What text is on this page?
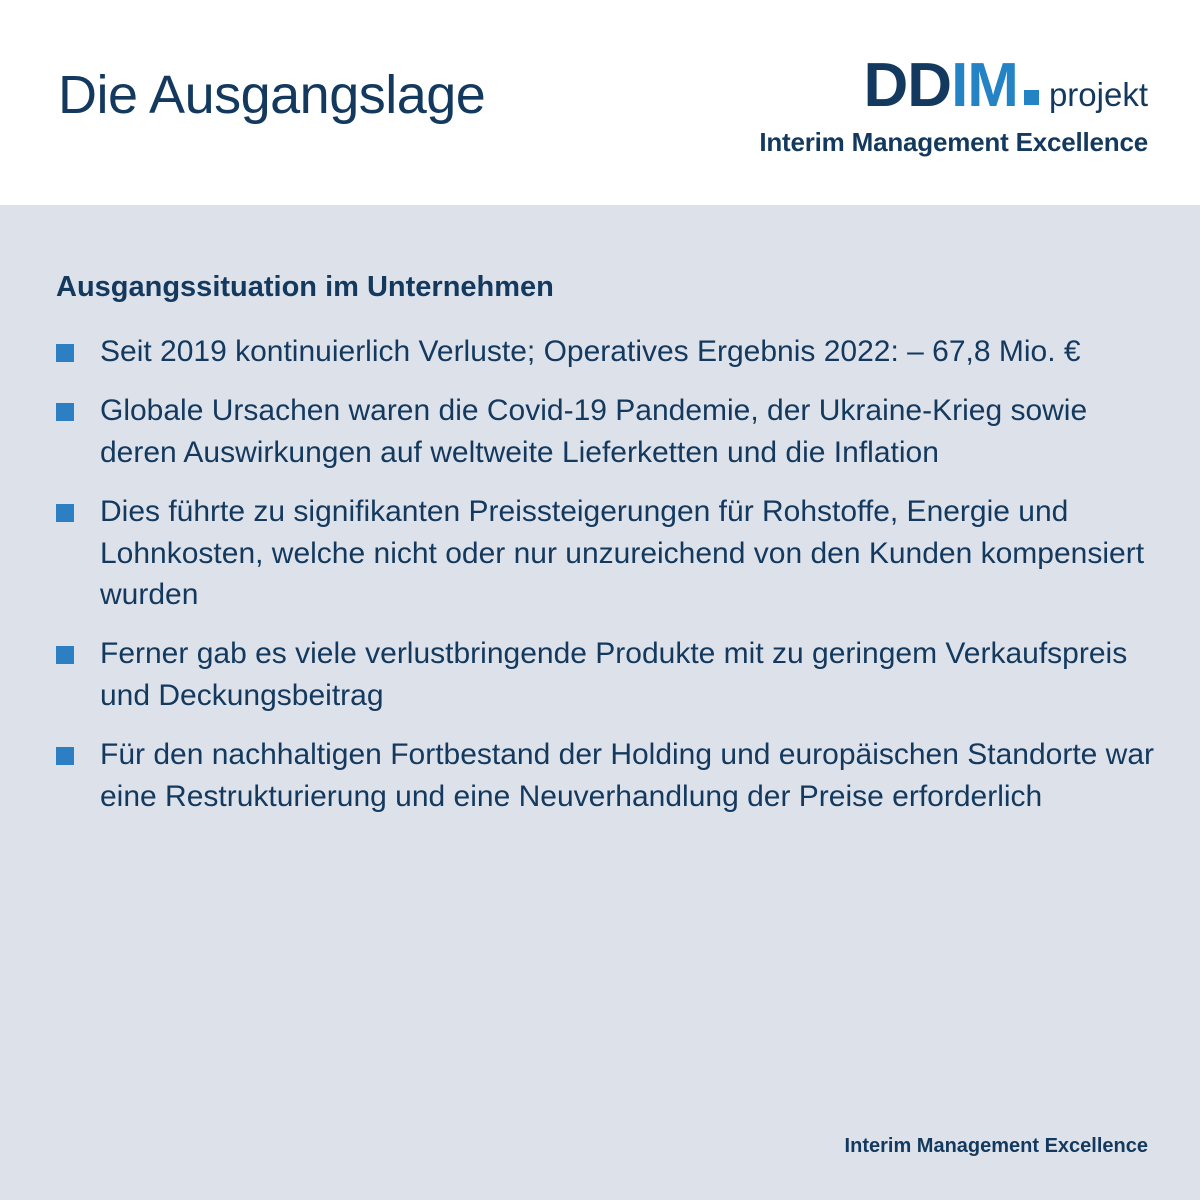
Die Ausgangslage	DD IM projekt
Interim Management Excellence
Ausgangssituation im Unternehmen
Seit 2019 kontinuierlich Verluste; Operatives Ergebnis 2022: – 67,8 Mio. €
Globale Ursachen waren die Covid-19 Pandemie, der Ukraine-Krieg sowie deren Auswirkungen auf weltweite Lieferketten und die Inflation
Dies führte zu signifikanten Preissteigerungen für Rohstoffe, Energie und Lohnkosten, welche nicht oder nur unzureichend von den Kunden kompensiert wurden
Ferner gab es viele verlustbringende Produkte mit zu geringem Verkaufspreis und Deckungsbeitrag
Für den nachhaltigen Fortbestand der Holding und europäischen Standorte war eine Restrukturierung und eine Neuverhandlung der Preise erforderlich
Interim Management Excellence
